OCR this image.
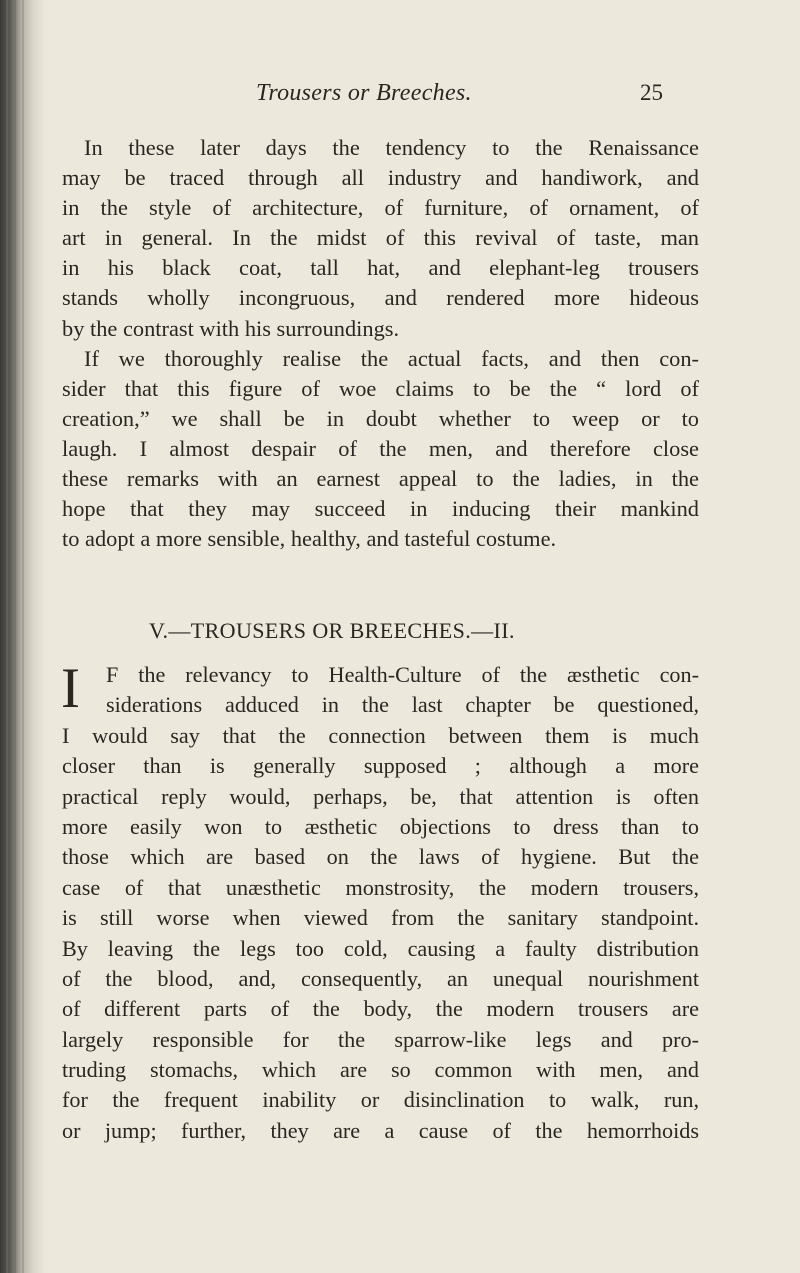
Trousers or Breeches.	25
In these later days the tendency to the Renaissance
may be traced through all industry and handiwork, and
in the style of architecture, of furniture, of ornament, of
art in general. In the midst of this revival of taste, man
in his black coat, tall hat, and elephant-leg trousers
stands wholly incongruous, and rendered more hideous
by the contrast with his surroundings.
If we thoroughly realise the actual facts, and then con-
sider that this figure of woe claims to be the “ lord of
creation,” we shall be in doubt whether to weep or to
laugh. I almost despair of the men, and therefore close
these remarks with an earnest appeal to the ladies, in the
hope that they may succeed in inducing their mankind
to adopt a more sensible, healthy, and tasteful costume.
V.—TROUSERS OR BREECHES.—II.
I	F the relevancy to Health-Culture of the æsthetic con-
siderations adduced in the last chapter be questioned,
I would say that the connection between them is much
closer than is generally supposed ; although a more
practical reply would, perhaps, be, that attention is often
more easily won to æsthetic objections to dress than to
those which are based on the laws of hygiene. But the
case of that unæsthetic monstrosity, the modern trousers,
is still worse when viewed from the sanitary standpoint.
By leaving the legs too cold, causing a faulty distribution
of the blood, and, consequently, an unequal nourishment
of different parts of the body, the modern trousers are
largely responsible for the sparrow-like legs and pro-
truding stomachs, which are so common with men, and
for the frequent inability or disinclination to walk, run,
or jump; further, they are a cause of the hemorrhoids
